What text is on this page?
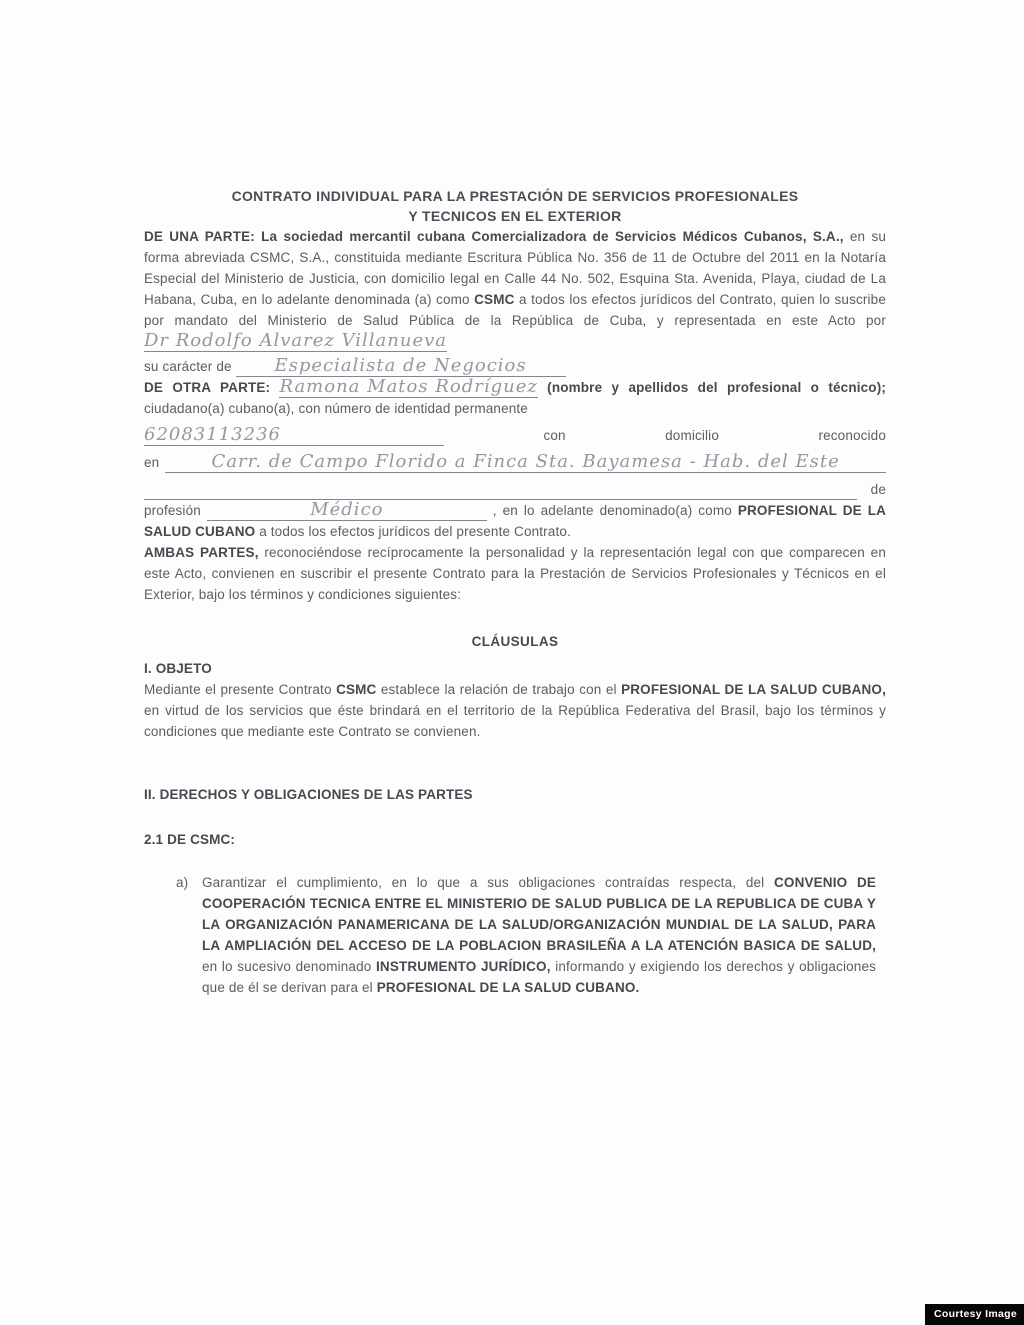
CONTRATO INDIVIDUAL PARA LA PRESTACIÓN DE SERVICIOS PROFESIONALES
Y TECNICOS EN EL EXTERIOR

DE UNA PARTE: La sociedad mercantil cubana Comercializadora de Servicios Médicos Cubanos, S.A., en su forma abreviada CSMC, S.A., constituida mediante Escritura Pública No. 356 de 11 de Octubre del 2011 en la Notaría Especial del Ministerio de Justicia, con domicilio legal en Calle 44 No. 502, Esquina Sta. Avenida, Playa, ciudad de La Habana, Cuba, en lo adelante denominada (a) como CSMC a todos los efectos jurídicos del Contrato, quien lo suscribe por mandato del Ministerio de Salud Pública de la República de Cuba, y representada en este Acto por Dr Rodolfo Alvarez Villanueva

su carácter de Especialista de Negocios

DE OTRA PARTE: Ramona Matos Rodríguez (nombre y apellidos del profesional o técnico); ciudadano(a) cubano(a), con número de identidad permanente

62083113236	con	domicilio	reconocido
en	Carr. de Campo Florido a Finca Sta. Bayamesa - Hab. del Este
de

profesión	Médico	, en lo adelante denominado(a) como PROFESIONAL DE LA SALUD CUBANO a todos los efectos jurídicos del presente Contrato.

AMBAS PARTES, reconociéndose recíprocamente la personalidad y la representación legal con que comparecen en este Acto, convienen en suscribir el presente Contrato para la Prestación de Servicios Profesionales y Técnicos en el Exterior, bajo los términos y condiciones siguientes:

CLÁUSULAS
I. OBJETO

Mediante el presente Contrato CSMC establece la relación de trabajo con el PROFESIONAL DE LA SALUD CUBANO, en virtud de los servicios que éste brindará en el territorio de la República Federativa del Brasil, bajo los términos y condiciones que mediante este Contrato se convienen.

II. DERECHOS Y OBLIGACIONES DE LAS PARTES
2.1 DE CSMC:
a)	Garantizar el cumplimiento, en lo que a sus obligaciones contraídas respecta, del CONVENIO DE COOPERACIÓN TECNICA ENTRE EL MINISTERIO DE SALUD PUBLICA DE LA REPUBLICA DE CUBA Y LA ORGANIZACIÓN PANAMERICANA DE LA SALUD/ORGANIZACIÓN MUNDIAL DE LA SALUD, PARA LA AMPLIACIÓN DEL ACCESO DE LA POBLACION BRASILEÑA A LA ATENCIÓN BASICA DE SALUD, en lo sucesivo denominado INSTRUMENTO JURÍDICO, informando y exigiendo los derechos y obligaciones que de él se derivan para el PROFESIONAL DE LA SALUD CUBANO.
Courtesy Image
